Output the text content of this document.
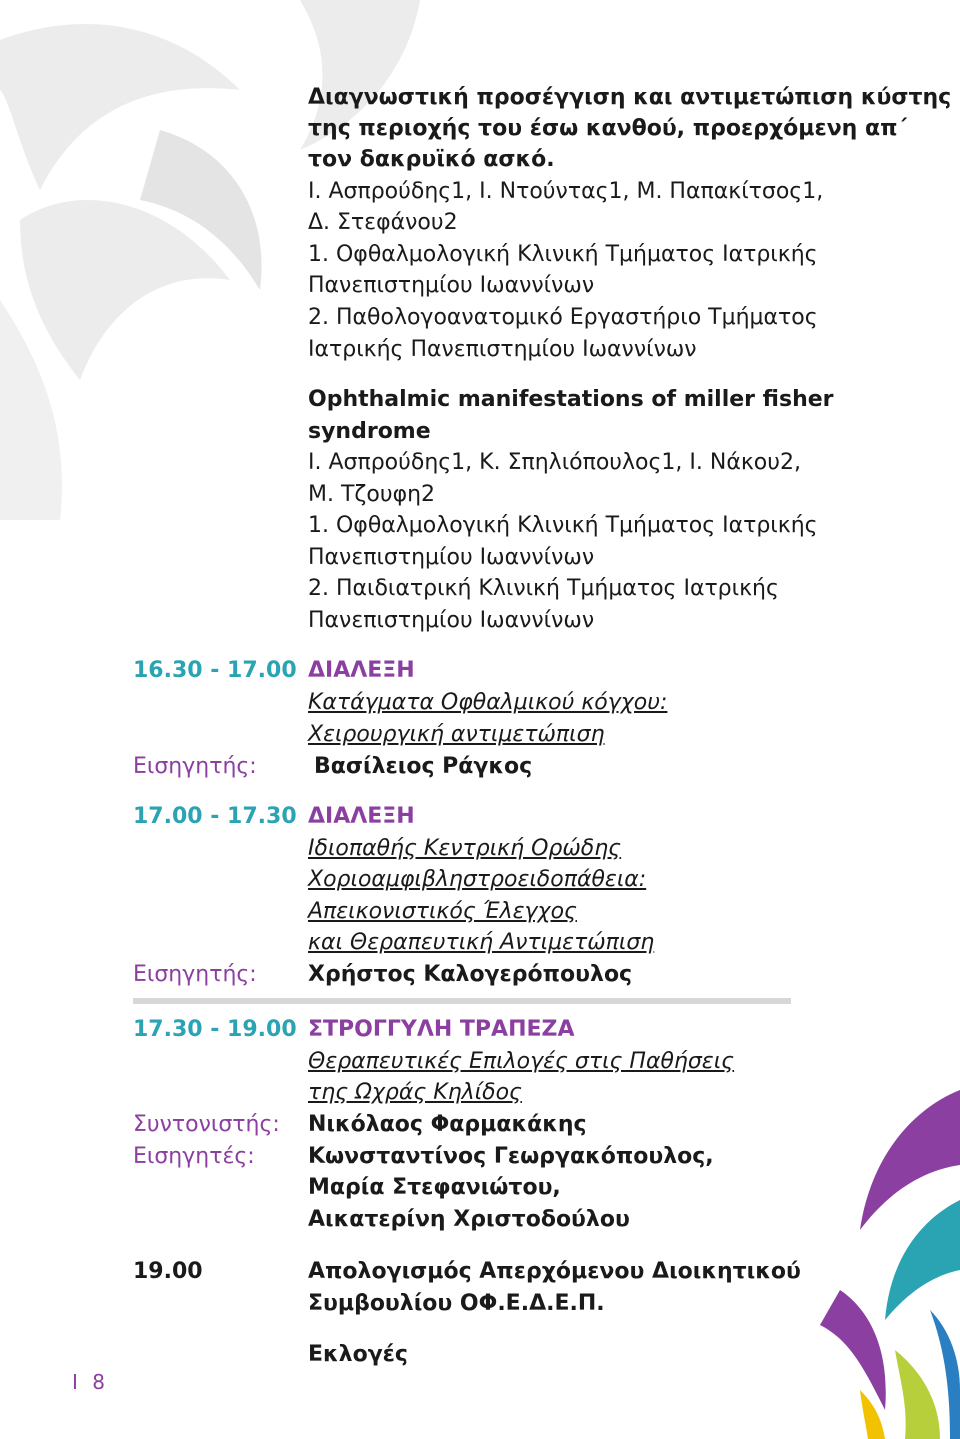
Διαγνωστική προσέγγιση και αντιμετώπιση κύστης
της περιοχής του έσω κανθού, προερχόμενη απ΄
τον δακρυϊκό ασκό.
Ι. Ασπρούδης1, Ι. Ντούντας1, Μ. Παπακίτσος1,
Δ. Στεφάνου2
1. Οφθαλμολογική Κλινική Τμήματος Ιατρικής
Πανεπιστημίου Ιωαννίνων
2. Παθολογοανατομικό Εργαστήριο Τμήματος
Ιατρικής Πανεπιστημίου Ιωαννίνων
Ophthalmic manifestations of miller fisher
syndrome
Ι. Ασπρούδης1, Κ. Σπηλιόπουλος1, Ι. Νάκου2,
Μ. Τζουφη2
1. Οφθαλμολογική Κλινική Τμήματος Ιατρικής
Πανεπιστημίου Ιωαννίνων
2. Παιδιατρική Κλινική Τμήματος Ιατρικής
Πανεπιστημίου Ιωαννίνων
16.30 - 17.00 ΔΙΑΛΕΞΗ
Κατάγματα Οφθαλμικού κόγχου:
Χειρουργική αντιμετώπιση
Εισηγητής:	Βασίλειος Ράγκος
17.00 - 17.30 ΔΙΑΛΕΞΗ
Ιδιοπαθής Κεντρική Ορώδης
Χοριοαμφιβληστροειδοπάθεια:
Απεικονιστικός Έλεγχος
και Θεραπευτική Αντιμετώπιση
Εισηγητής: Χρήστος Καλογερόπουλος
17.30 - 19.00 ΣΤΡΟΓΓΥΛΗ ΤΡΑΠΕΖΑ
Θεραπευτικές Επιλογές στις Παθήσεις
της Ωχράς Κηλίδος
Συντονιστής: Νικόλαος Φαρμακάκης
Εισηγητές: Κωνσταντίνος Γεωργακόπουλος,
Μαρία Στεφανιώτου,
Αικατερίνη Χριστοδούλου
19.00	Απολογισμός Απερχόμενου Διοικητικού
Συμβουλίου ΟΦ.Ε.Δ.Ε.Π.
Εκλογές
I 8
